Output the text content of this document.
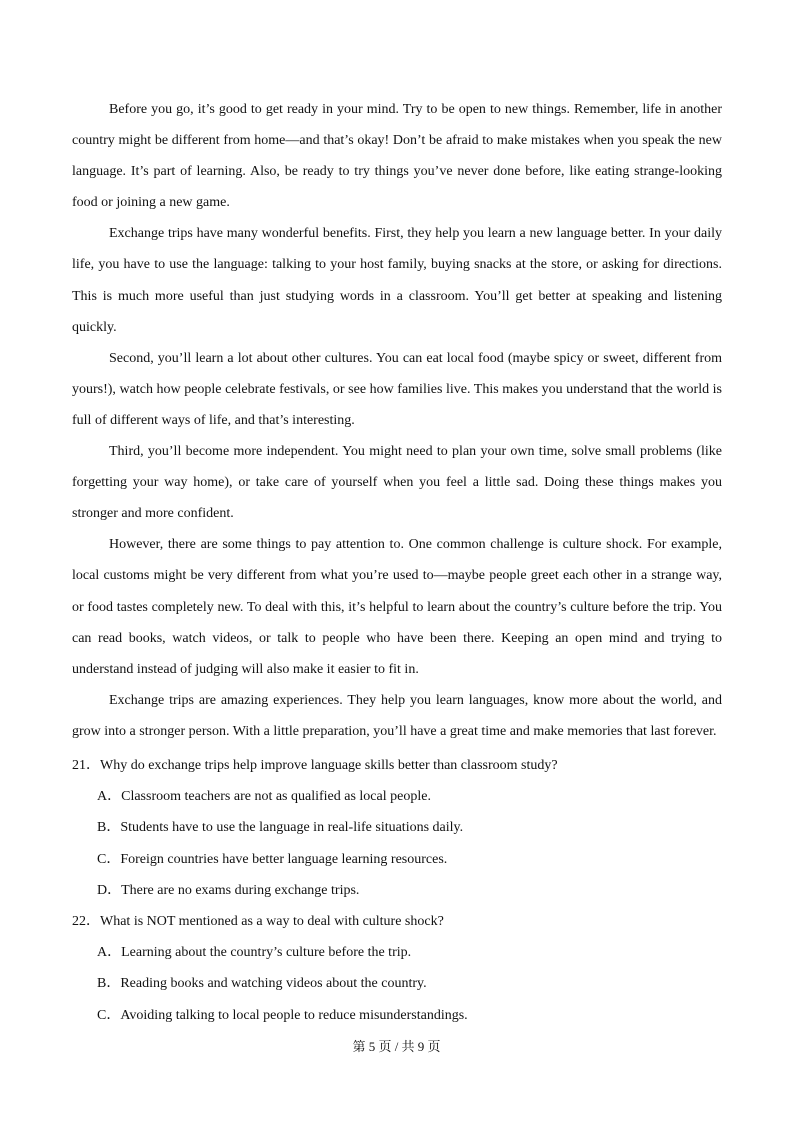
Before you go, it’s good to get ready in your mind. Try to be open to new things. Remember, life in another country might be different from home—and that’s okay! Don’t be afraid to make mistakes when you speak the new language. It’s part of learning. Also, be ready to try things you’ve never done before, like eating strange-looking food or joining a new game.

Exchange trips have many wonderful benefits. First, they help you learn a new language better. In your daily life, you have to use the language: talking to your host family, buying snacks at the store, or asking for directions. This is much more useful than just studying words in a classroom. You’ll get better at speaking and listening quickly.

Second, you’ll learn a lot about other cultures. You can eat local food (maybe spicy or sweet, different from yours!), watch how people celebrate festivals, or see how families live. This makes you understand that the world is full of different ways of life, and that’s interesting.

Third, you’ll become more independent. You might need to plan your own time, solve small problems (like forgetting your way home), or take care of yourself when you feel a little sad. Doing these things makes you stronger and more confident.

However, there are some things to pay attention to. One common challenge is culture shock. For example, local customs might be very different from what you’re used to—maybe people greet each other in a strange way, or food tastes completely new. To deal with this, it’s helpful to learn about the country’s culture before the trip. You can read books, watch videos, or talk to people who have been there. Keeping an open mind and trying to understand instead of judging will also make it easier to fit in.

Exchange trips are amazing experiences. They help you learn languages, know more about the world, and grow into a stronger person. With a little preparation, you’ll have a great time and make memories that last forever.

21．Why do exchange trips help improve language skills better than classroom study?

A．Classroom teachers are not as qualified as local people.

B．Students have to use the language in real-life situations daily.

C．Foreign countries have better language learning resources.

D．There are no exams during exchange trips.

22．What is NOT mentioned as a way to deal with culture shock?

A．Learning about the country’s culture before the trip.

B．Reading books and watching videos about the country.

C．Avoiding talking to local people to reduce misunderstandings.

第 5 页 / 共 9 页
